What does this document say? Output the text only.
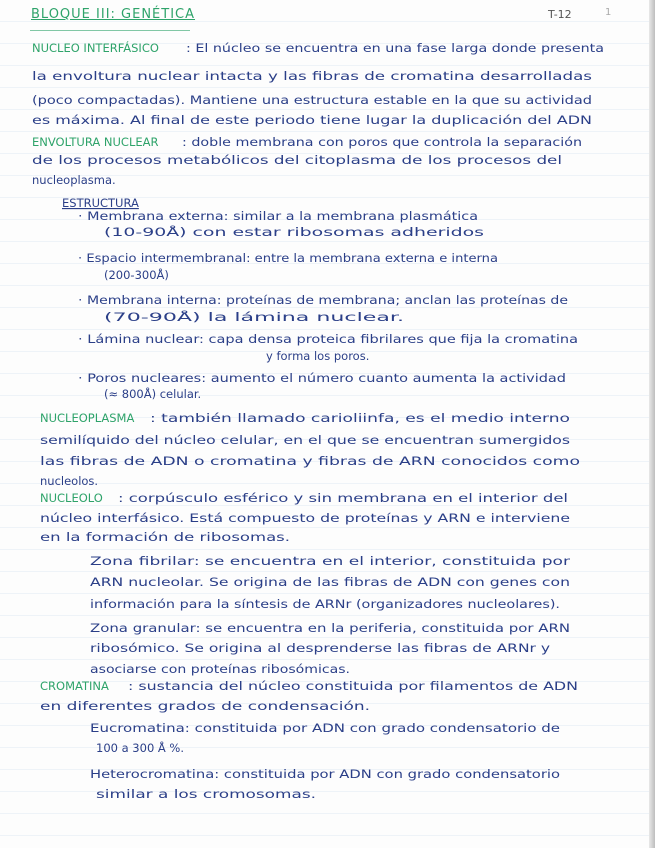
BLOQUE III: GENÉTICA	T-12	1
NUCLEO INTERFÁSICO : El núcleo se encuentra en una fase larga donde presenta
la envoltura nuclear intacta y las fibras de cromatina desarrolladas
(poco compactadas). Mantiene una estructura estable en la que su actividad
es máxima. Al final de este periodo tiene lugar la duplicación del ADN
ENVOLTURA NUCLEAR : doble membrana con poros que controla la separación
de los procesos metabólicos del citoplasma de los procesos del
nucleoplasma.
ESTRUCTURA
· Membrana externa: similar a la membrana plasmática
(10-90Å) con estar ribosomas adheridos
· Espacio intermembranal: entre la membrana externa e interna
(200-300Å)
· Membrana interna: proteínas de membrana; anclan las proteínas de
(70-90Å) la lámina nuclear.
· Lámina nuclear: capa densa proteica fibrilares que fija la cromatina
y forma los poros.
· Poros nucleares: aumento el número cuanto aumenta la actividad
(≈ 800Å) celular.
NUCLEOPLASMA : también llamado carioliinfa, es el medio interno
semilíquido del núcleo celular, en el que se encuentran sumergidos
las fibras de ADN o cromatina y fibras de ARN conocidos como
nucleolos.
NUCLEOLO : corpúsculo esférico y sin membrana en el interior del
núcleo interfásico. Está compuesto de proteínas y ARN e interviene
en la formación de ribosomas.
Zona fibrilar: se encuentra en el interior, constituida por
ARN nucleolar. Se origina de las fibras de ADN con genes con
información para la síntesis de ARNr (organizadores nucleolares).
Zona granular: se encuentra en la periferia, constituida por ARN
ribosómico. Se origina al desprenderse las fibras de ARNr y
asociarse con proteínas ribosómicas.
CROMATINA : sustancia del núcleo constituida por filamentos de ADN
en diferentes grados de condensación.
Eucromatina: constituida por ADN con grado condensatorio de
100 a 300 Å %.
Heterocromatina: constituida por ADN con grado condensatorio
similar a los cromosomas.
